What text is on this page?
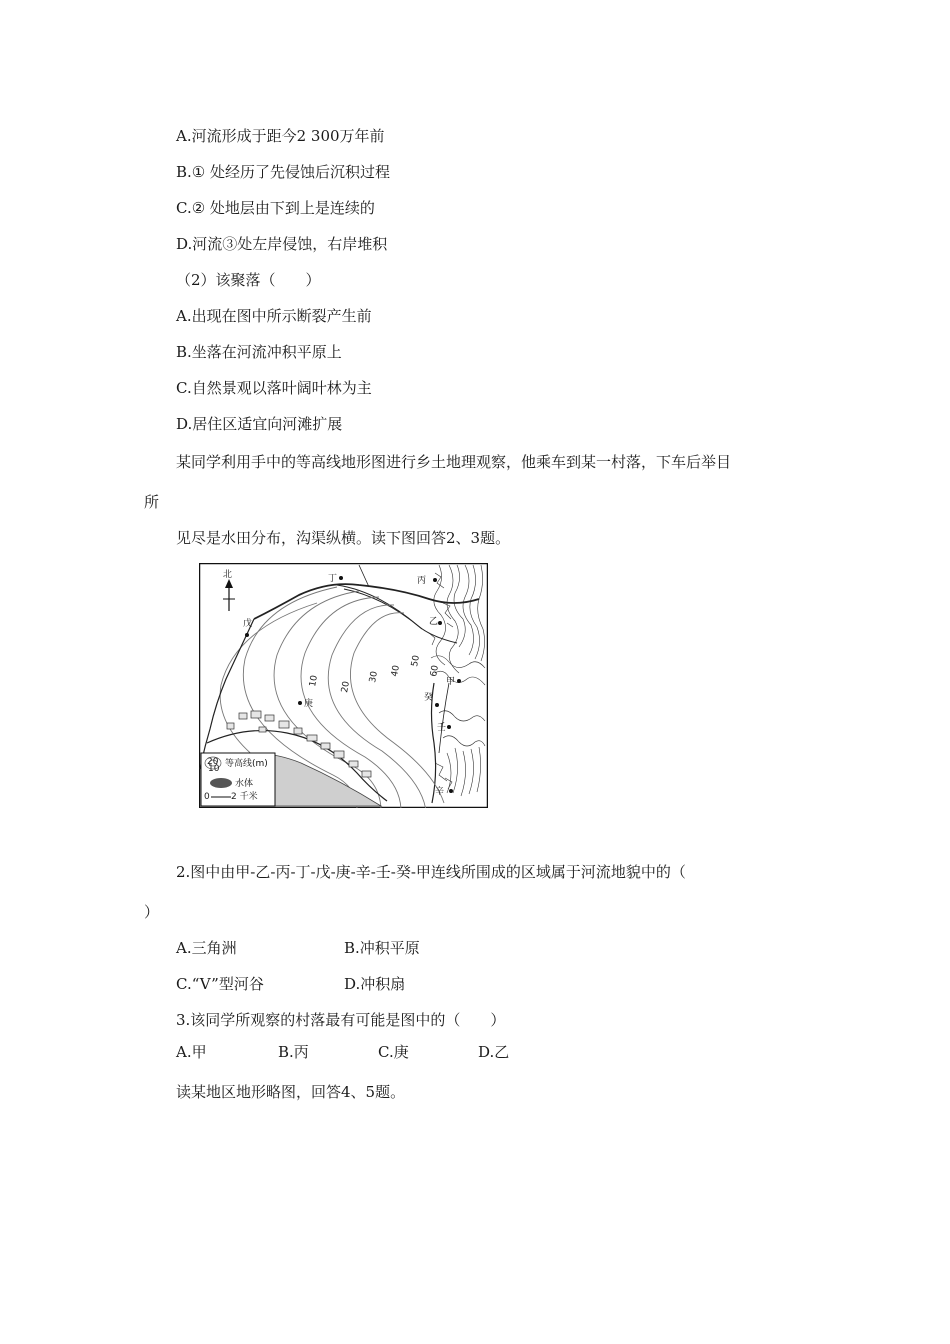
A.河流形成于距今2 300万年前
B.① 处经历了先侵蚀后沉积过程
C.② 处地层由下到上是连续的
D.河流③处左岸侵蚀，右岸堆积
（2）该聚落（　　）
A.出现在图中所示断裂产生前
B.坐落在河流冲积平原上
C.自然景观以落叶阔叶林为主
D.居住区适宜向河滩扩展
某同学利用手中的等高线地形图进行乡土地理观察，他乘车到某一村落，下车后举目
所
见尽是水田分布，沟渠纵横。读下图回答2、3题。
北
10 20
30 40
50
60
丁	丙
乙
戊
甲
癸
庚
壬
辛
20
10 等高线(m)
水体
0 2 千米
2.图中由甲-乙-丙-丁-戊-庚-辛-壬-癸-甲连线所围成的区域属于河流地貌中的（
）
A.三角洲	B.冲积平原
C.“V”型河谷	D.冲积扇
3.该同学所观察的村落最有可能是图中的（　　）
A.甲	B.丙	C.庚	D.乙
读某地区地形略图，回答4、5题。
